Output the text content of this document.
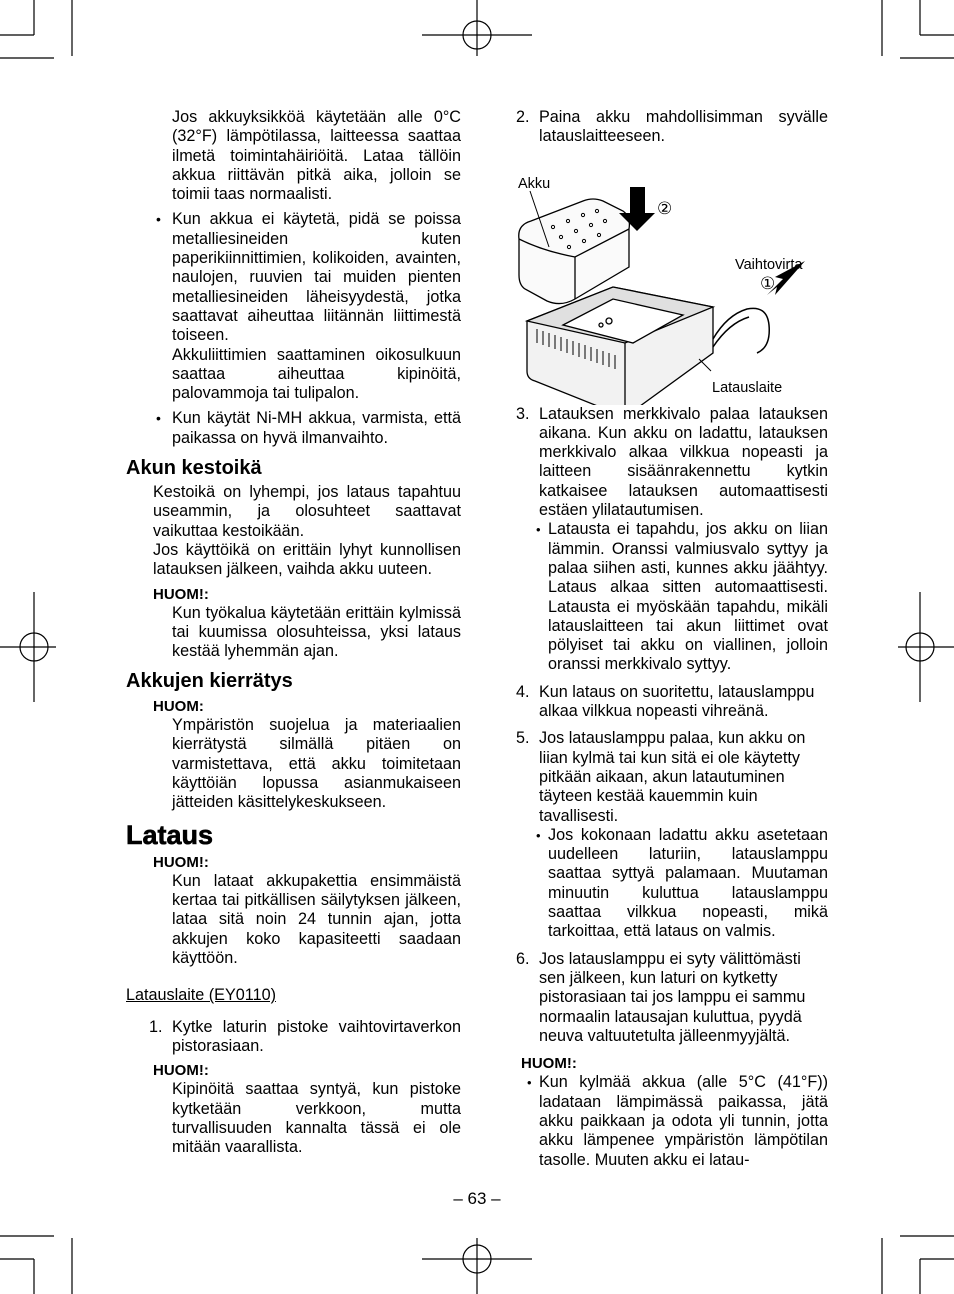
Jos akkuyksikköä käytetään alle 0°C (32°F) lämpötilassa, laitteessa saattaa ilmetä toimintahäiriöitä. Lataa tällöin akkua riittävän pitkä aika, jolloin se toimii taas normaalisti.

• Kun akkua ei käytetä, pidä se poissa metalliesineiden kuten paperikiinnittimien, kolikoiden, avainten, naulojen, ruuvien tai muiden pienten metalliesineiden läheisyydestä, jotka saattavat aiheuttaa liitännän liittimestä toiseen.

Akkuliittimien saattaminen oikosulkuun saattaa aiheuttaa kipinöitä, palovammoja tai tulipalon.

• Kun käytät Ni-MH akkua, varmista, että paikassa on hyvä ilmanvaihto.
Akun kestoikä

Kestoikä on lyhempi, jos lataus tapahtuu useammin, ja olosuhteet saattavat vaikuttaa kestoikään.

Jos käyttöikä on erittäin lyhyt kunnollisen latauksen jälkeen, vaihda akku uuteen.

HUOM!:

Kun työkalua käytetään erittäin kylmissä tai kuumissa olosuhteissa, yksi lataus kestää lyhemmän ajan.

Akkujen kierrätys
HUOM:

Ympäristön suojelua ja materiaalien kierrätystä silmällä pitäen on varmistettava, että akku toimitetaan käyttöiän lopussa asianmukaiseen jätteiden käsittelykeskukseen.

Lataus
HUOM!:

Kun lataat akkupakettia ensimmäistä kertaa tai pitkällisen säilytyksen jälkeen, lataa sitä noin 24 tunnin ajan, jotta akkujen koko kapasiteetti saadaan käyttöön.

Latauslaite (EY0110)
1. Kytke laturin pistoke vaihtovirtaverkon pistorasiaan.
HUOM!:

Kipinöitä saattaa syntyä, kun pistoke kytketään verkkoon, mutta turvallisuuden kannalta tässä ei ole mitään vaarallista.

2. Paina akku mahdollisimman syvälle latauslaitteeseen.
Akku
②
Vaihtovirta
①
Latauslaite
3. Latauksen merkkivalo palaa latauksen aikana. Kun akku on ladattu, latauksen merkkivalo alkaa vilkkua nopeasti ja laitteen sisäänrakennettu kytkin katkaisee latauksen automaattisesti estäen ylilatautumisen.
• Latausta ei tapahdu, jos akku on liian lämmin. Oranssi valmiusvalo syttyy ja palaa siihen asti, kunnes akku jäähtyy. Lataus alkaa sitten automaattisesti. Latausta ei myöskään tapahdu, mikäli latauslaitteen tai akun liittimet ovat pölyiset tai akku on viallinen, jolloin oranssi merkkivalo syttyy.
4. Kun lataus on suoritettu, latauslamppu alkaa vilkkua nopeasti vihreänä.
5. Jos latauslamppu palaa, kun akku on liian kylmä tai kun sitä ei ole käytetty pitkään aikaan, akun latautuminen täyteen kestää kauemmin kuin tavallisesti.
• Jos kokonaan ladattu akku asetetaan uudelleen laturiin, latauslamppu saattaa syttyä palamaan. Muutaman minuutin kuluttua latauslamppu saattaa vilkkua nopeasti, mikä tarkoittaa, että lataus on valmis.
6. Jos latauslamppu ei syty välittömästi sen jälkeen, kun laturi on kytketty pistorasiaan tai jos lamppu ei sammu normaalin latausajan kuluttua, pyydä neuva valtuutetulta jälleenmyyjältä.
HUOM!:
• Kun kylmää akkua (alle 5°C (41°F)) ladataan lämpimässä paikassa, jätä akku paikkaan ja odota yli tunnin, jotta akku lämpenee ympäristön lämpötilan tasolle. Muuten akku ei latau-
– 63 –
